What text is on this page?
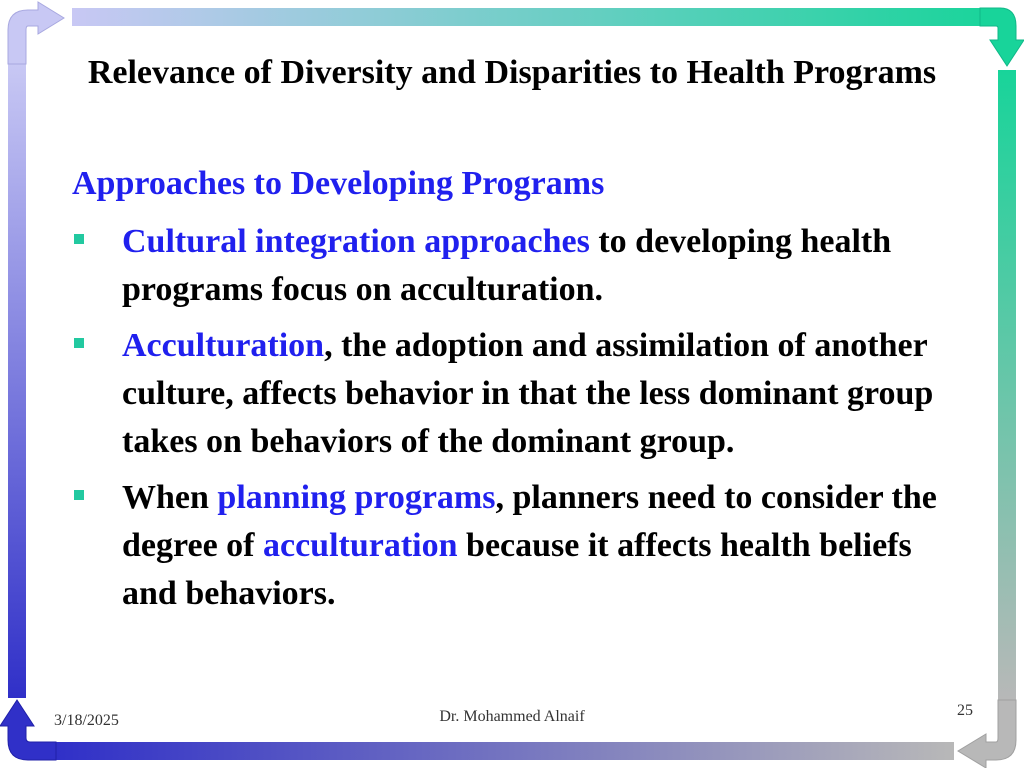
Relevance of Diversity and Disparities to Health Programs
Approaches to Developing Programs
Cultural integration approaches to developing health programs focus on acculturation.
Acculturation, the adoption and assimilation of another culture, affects behavior in that the less dominant group takes on behaviors of the dominant group.
When planning programs, planners need to consider the degree of acculturation because it affects health beliefs and behaviors.
3/18/2025	Dr. Mohammed Alnaif	25
